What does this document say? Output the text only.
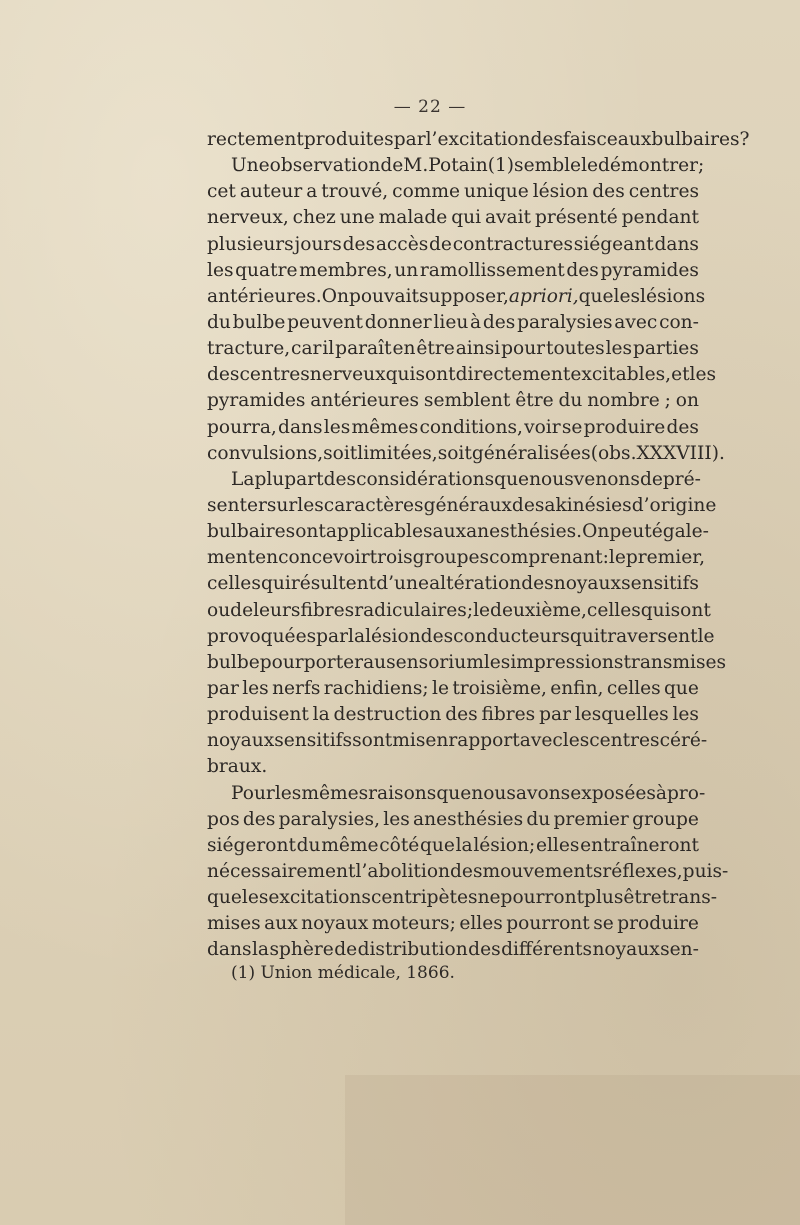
— 22 —
rectement produites par l’excitation des faisceaux bulbaires?
Une observation de M. Potain (1) semble le démontrer ;
cet auteur a trouvé, comme unique lésion des centres
nerveux, chez une malade qui avait présenté pendant
plusieurs jours des accès de contractures siégeant dans
les quatre membres, un ramollissement des pyramides
antérieures. On pouvait supposer, a priori, que les lésions
du bulbe peuvent donner lieu à des paralysies avec con-
tracture, car il paraît en être ainsi pour toutes les parties
des centres nerveux qui sont directement excitables, et les
pyramides antérieures semblent être du nombre ; on
pourra, dans les mêmes conditions, voir se produire des
convulsions, soit limitées, soit généralisées (obs. XXXVIII).
La plupart des considérations que nous venons de pré-
senter sur les caractères généraux des akinésies d’origine
bulbaire sont applicables aux anesthésies. On peut égale-
ment en concevoir trois groupes comprenant: le premier,
celles qui résultent d’une altération des noyaux sensitifs
ou de leurs fibres radiculaires; le deuxième, celles qui sont
provoquées par la lésion des conducteurs qui traversent le
bulbe pour porter au sensorium les impressions transmises
par les nerfs rachidiens; le troisième, enfin, celles que
produisent la destruction des fibres par lesquelles les
noyaux sensitifs sont mis en rapport avec les centres céré-
braux.
Pour les mêmes raisons que nous avons exposées à pro-
pos des paralysies, les anesthésies du premier groupe
siégeront du même côté que la lésion; elles entraîneront
nécessairement l’abolition des mouvements réflexes, puis-
que les excitations centripètes ne pourront plus être trans-
mises aux noyaux moteurs; elles pourront se produire
dans la sphère de distribution des différents noyaux sen-
(1) Union médicale, 1866.
